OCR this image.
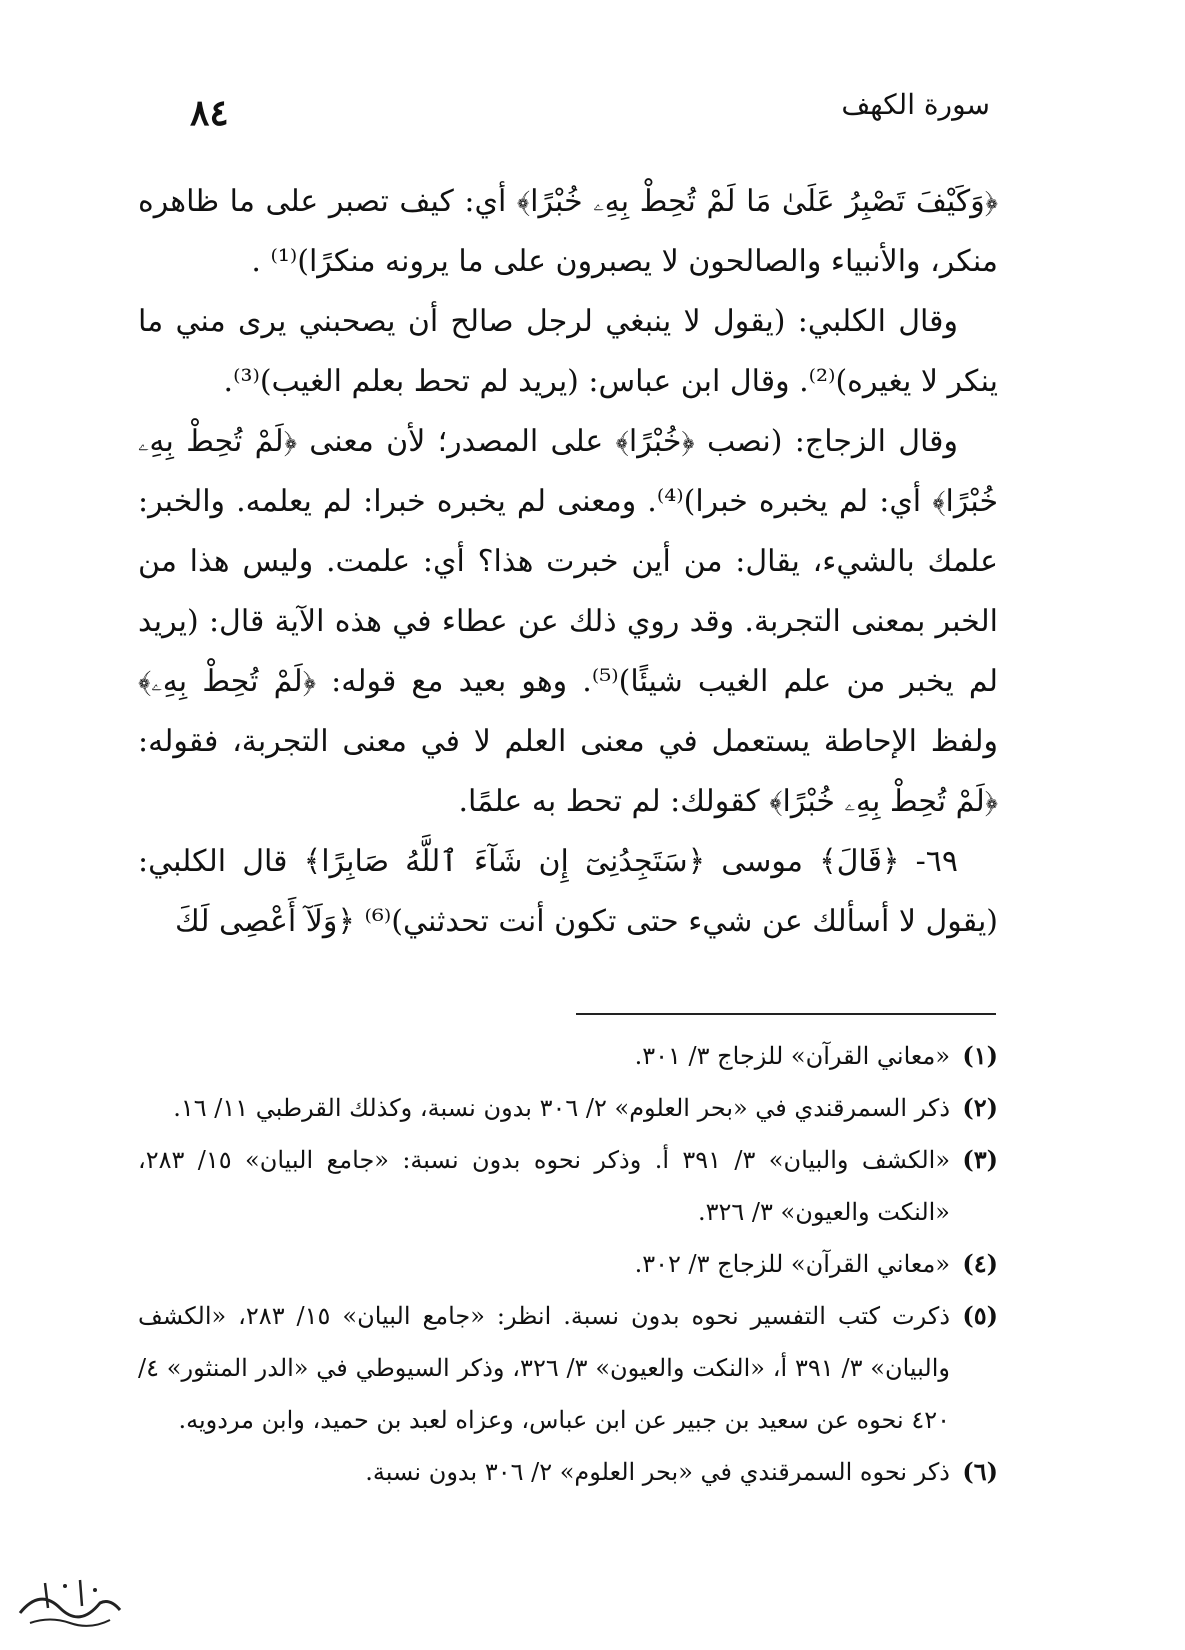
٨٤	سورة الكهف

﴿وَكَيْفَ تَصْبِرُ عَلَىٰ مَا لَمْ تُحِطْ بِهِۦ خُبْرًا﴾ أي: كيف تصبر على ما ظاهره منكر، والأنبياء والصالحون لا يصبرون على ما يرونه منكرًا)⁽¹⁾ .

وقال الكلبي: (يقول لا ينبغي لرجل صالح أن يصحبني يرى مني ما ينكر لا يغيره)⁽²⁾. وقال ابن عباس: (يريد لم تحط بعلم الغيب)⁽³⁾.

وقال الزجاج: (نصب ﴿خُبْرًا﴾ على المصدر؛ لأن معنى ﴿لَمْ تُحِطْ بِهِۦ خُبْرًا﴾ أي: لم يخبره خبرا)⁽⁴⁾. ومعنى لم يخبره خبرا: لم يعلمه. والخبر: علمك بالشيء، يقال: من أين خبرت هذا؟ أي: علمت. وليس هذا من الخبر بمعنى التجربة. وقد روي ذلك عن عطاء في هذه الآية قال: (يريد لم يخبر من علم الغيب شيئًا)⁽⁵⁾. وهو بعيد مع قوله: ﴿لَمْ تُحِطْ بِهِۦ﴾ ولفظ الإحاطة يستعمل في معنى العلم لا في معنى التجربة، فقوله: ﴿لَمْ تُحِطْ بِهِۦ خُبْرًا﴾ كقولك: لم تحط به علمًا.

٦٩- ﴿قَالَ﴾ موسى ﴿سَتَجِدُنِىٓ إِن شَآءَ ٱللَّهُ صَابِرًا﴾ قال الكلبي: (يقول لا أسألك عن شيء حتى تكون أنت تحدثني)⁽⁶⁾ ﴿وَلَآ أَعْصِى لَكَ

(١)
«معاني القرآن» للزجاج ٣/ ٣٠١.
(٢)
ذكر السمرقندي في «بحر العلوم» ٢/ ٣٠٦ بدون نسبة، وكذلك القرطبي ١١/ ١٦.
(٣)
«الكشف والبيان» ٣/ ٣٩١ أ. وذكر نحوه بدون نسبة: «جامع البيان» ١٥/ ٢٨٣، «النكت والعيون» ٣/ ٣٢٦.
(٤)
«معاني القرآن» للزجاج ٣/ ٣٠٢.
(٥)
ذكرت كتب التفسير نحوه بدون نسبة. انظر: «جامع البيان» ١٥/ ٢٨٣، «الكشف والبيان» ٣/ ٣٩١ أ، «النكت والعيون» ٣/ ٣٢٦، وذكر السيوطي في «الدر المنثور» ٤/ ٤٢٠ نحوه عن سعيد بن جبير عن ابن عباس، وعزاه لعبد بن حميد، وابن مردويه.
(٦)
ذكر نحوه السمرقندي في «بحر العلوم» ٢/ ٣٠٦ بدون نسبة.
